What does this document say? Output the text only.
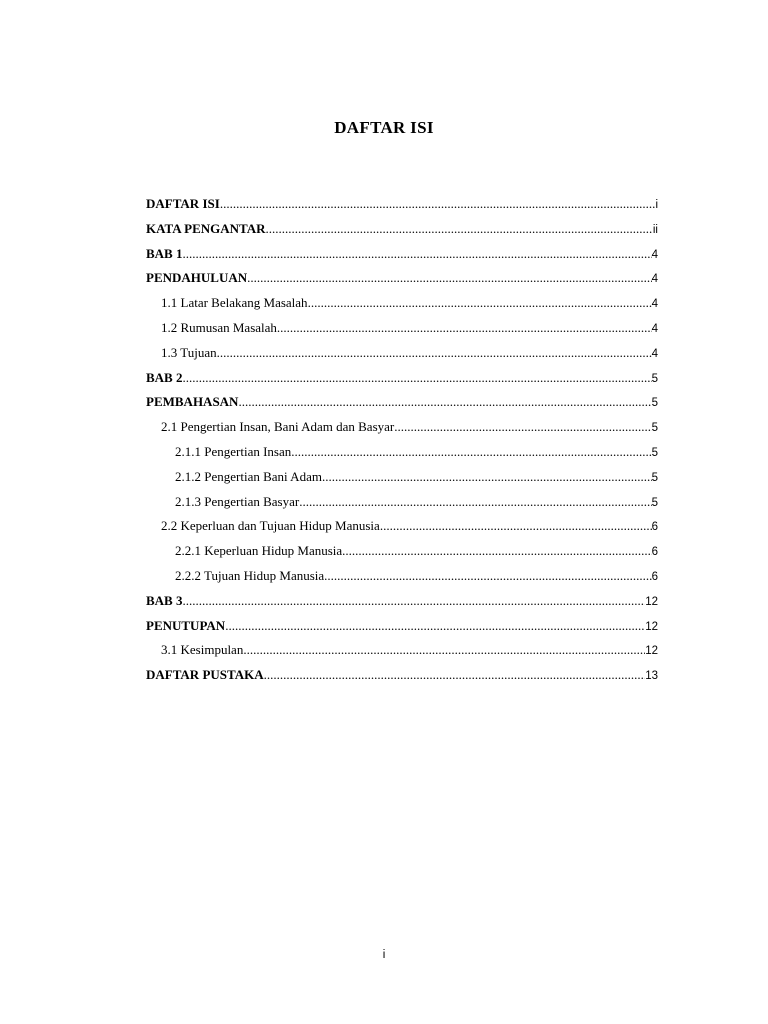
DAFTAR ISI
DAFTAR ISI .....	i
KATA PENGANTAR .....	ii
BAB 1 .....	4
PENDAHULUAN .....	4
1.1 Latar Belakang Masalah .....	4
1.2 Rumusan Masalah .....	4
1.3 Tujuan .....	4
BAB 2 .....	5
PEMBAHASAN .....	5
2.1 Pengertian Insan, Bani Adam dan Basyar .....	5
2.1.1 Pengertian Insan .....	5
2.1.2 Pengertian Bani Adam .....	5
2.1.3 Pengertian Basyar .....	5
2.2 Keperluan dan Tujuan Hidup Manusia .....	6
2.2.1 Keperluan Hidup Manusia .....	6
2.2.2 Tujuan Hidup Manusia .....	6
BAB 3 .....	12
PENUTUPAN .....	12
3.1 Kesimpulan .....	12
DAFTAR PUSTAKA .....	13
i
